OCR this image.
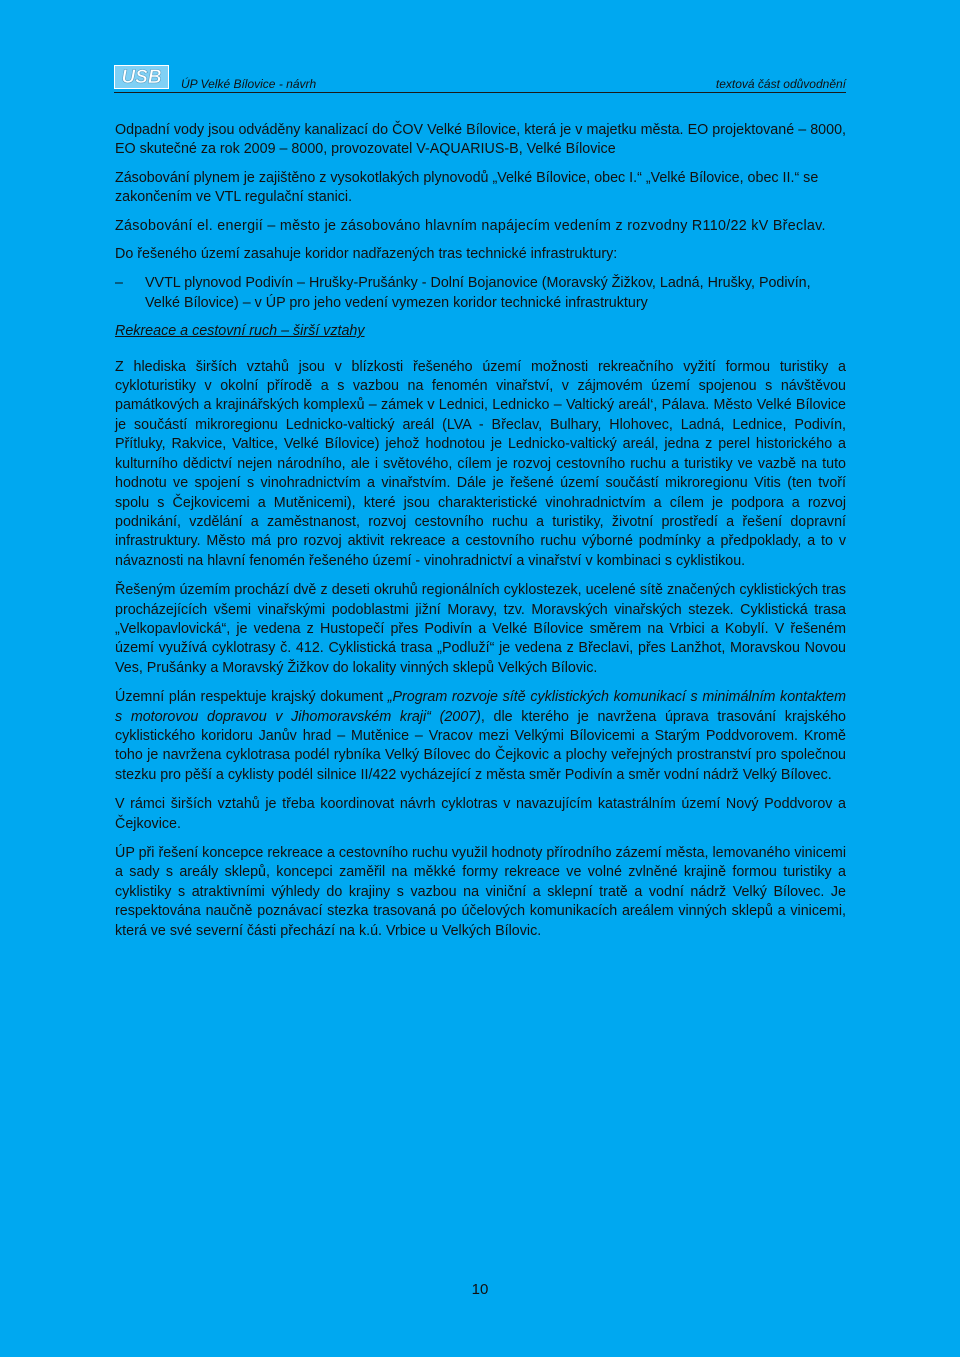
USB ÚP Velké Bílovice - návrh	textová část odůvodnění

Odpadní vody jsou odváděny kanalizací do ČOV Velké Bílovice, která je v majetku města. EO projektované – 8000, EO skutečné za rok 2009 – 8000, provozovatel V-AQUARIUS-B, Velké Bílovice

Zásobování plynem je zajištěno z vysokotlakých plynovodů „Velké Bílovice, obec I.“ „Velké Bílovice, obec II.“ se zakončením ve VTL regulační stanici.

Zásobování el. energií – město je zásobováno hlavním napájecím vedením z rozvodny R110/22 kV Břeclav.

Do řešeného území zasahuje koridor nadřazených tras technické infrastruktury:

– VVTL plynovod Podivín – Hrušky-Prušánky - Dolní Bojanovice (Moravský Žižkov, Ladná, Hrušky, Podivín, Velké Bílovice) – v ÚP pro jeho vedení vymezen koridor technické infrastruktury

Rekreace a cestovní ruch – širší vztahy

Z hlediska širších vztahů jsou v blízkosti řešeného území možnosti rekreačního vyžití formou turistiky a cykloturistiky v okolní přírodě a s vazbou na fenomén vinařství, v zájmovém území spojenou s návštěvou památkových a krajinářských komplexů – zámek v Lednici, Lednicko – Valtický areál‘, Pálava. Město Velké Bílovice je součástí mikroregionu Lednicko-valtický areál (LVA - Břeclav, Bulhary, Hlohovec, Ladná, Lednice, Podivín, Přítluky, Rakvice, Valtice, Velké Bílovice) jehož hodnotou je Lednicko-valtický areál, jedna z perel historického a kulturního dědictví nejen národního, ale i světového, cílem je rozvoj cestovního ruchu a turistiky ve vazbě na tuto hodnotu ve spojení s vinohradnictvím a vinařstvím. Dále je řešené území součástí mikroregionu Vitis (ten tvoří spolu s Čejkovicemi a Mutěnicemi), které jsou charakteristické vinohradnictvím a cílem je podpora a rozvoj podnikání, vzdělání a zaměstnanost, rozvoj cestovního ruchu a turistiky, životní prostředí a řešení dopravní infrastruktury. Město má pro rozvoj aktivit rekreace a cestovního ruchu výborné podmínky a předpoklady, a to v návaznosti na hlavní fenomén řešeného území - vinohradnictví a vinařství v kombinaci s cyklistikou.

Řešeným územím prochází dvě z deseti okruhů regionálních cyklostezek, ucelené sítě značených cyklistických tras procházejících všemi vinařskými podoblastmi jižní Moravy, tzv. Moravských vinařských stezek. Cyklistická trasa „Velkopavlovická“, je vedena z Hustopečí přes Podivín a Velké Bílovice směrem na Vrbici a Kobylí. V řešeném území využívá cyklotrasy č. 412. Cyklistická trasa „Podluží“ je vedena z Břeclavi, přes Lanžhot, Moravskou Novou Ves, Prušánky a Moravský Žižkov do lokality vinných sklepů Velkých Bílovic.

Územní plán respektuje krajský dokument „Program rozvoje sítě cyklistických komunikací s minimálním kontaktem s motorovou dopravou v Jihomoravském kraji“ (2007), dle kterého je navržena úprava trasování krajského cyklistického koridoru Janův hrad – Mutěnice – Vracov mezi Velkými Bílovicemi a Starým Poddvorovem. Kromě toho je navržena cyklotrasa podél rybníka Velký Bílovec do Čejkovic a plochy veřejných prostranství pro společnou stezku pro pěší a cyklisty podél silnice II/422 vycházející z města směr Podivín a směr vodní nádrž Velký Bílovec.

V rámci širších vztahů je třeba koordinovat návrh cyklotras v navazujícím katastrálním území Nový Poddvorov a Čejkovice.

ÚP při řešení koncepce rekreace a cestovního ruchu využil hodnoty přírodního zázemí města, lemovaného vinicemi a sady s areály sklepů, koncepci zaměřil na měkké formy rekreace ve volné zvlněné krajině formou turistiky a cyklistiky s atraktivními výhledy do krajiny s vazbou na viniční a sklepní tratě a vodní nádrž Velký Bílovec. Je respektována naučně poznávací stezka trasovaná po účelových komunikacích areálem vinných sklepů a vinicemi, která ve své severní části přechází na k.ú. Vrbice u Velkých Bílovic.

10
